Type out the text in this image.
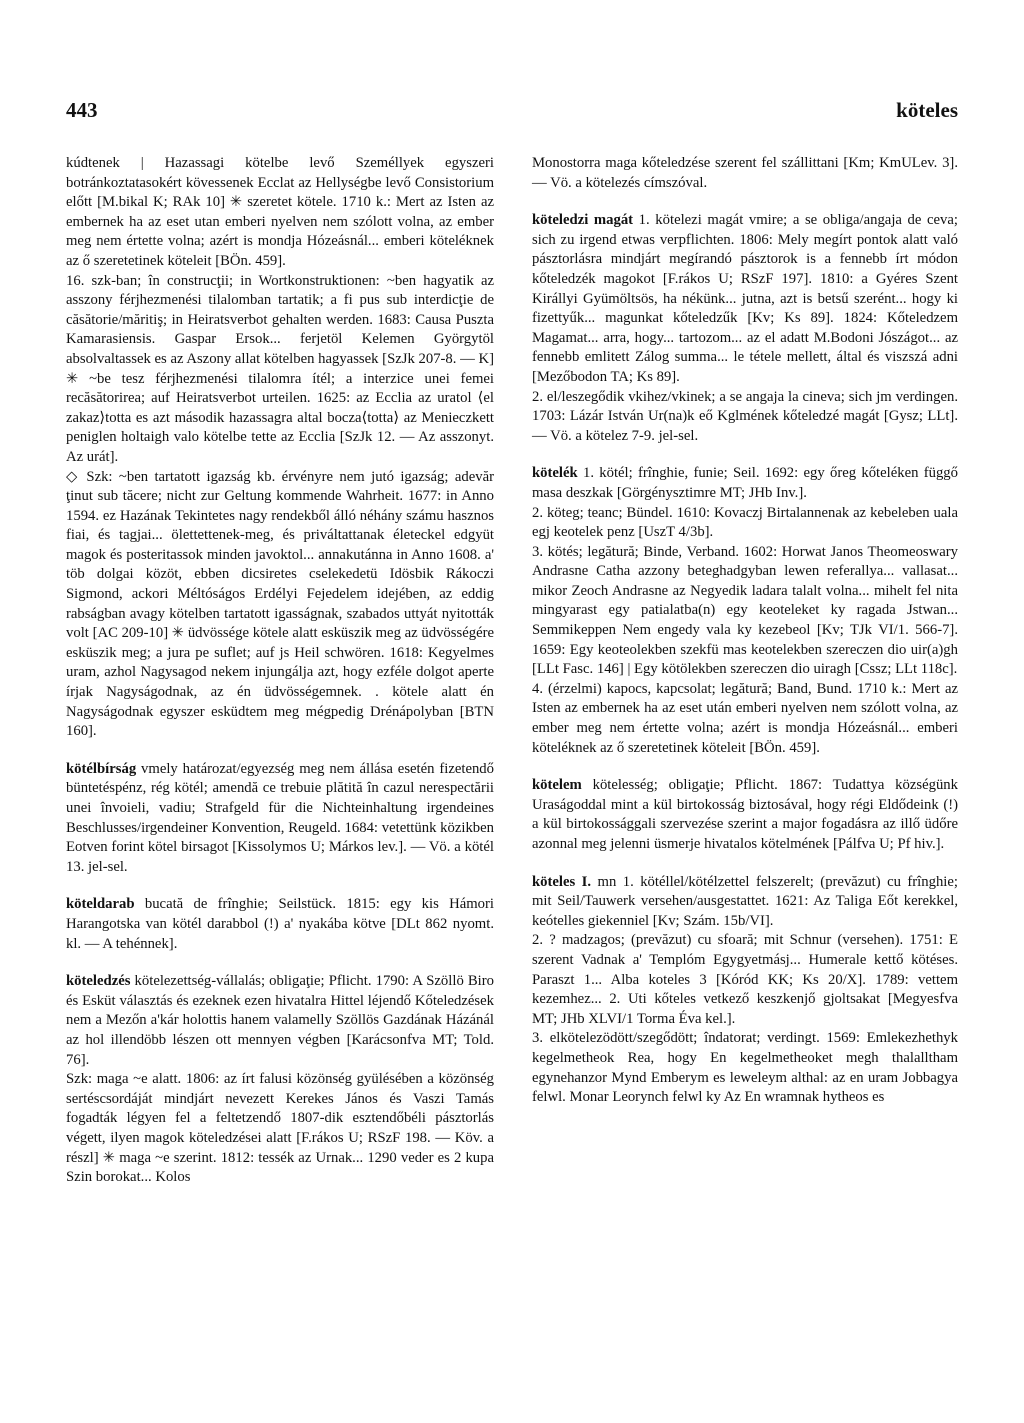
443	köteles

kúdtenek | Hazassagi kötelbe levő Személlyek egyszeri botránkoztatasokért kövessenek Ecclat az Hellységbe levő Consistorium előtt [M.bikal K; RAk 10] ✳ szeretet kötele. 1710 k.: Mert az Isten az embernek ha az eset utan emberi nyelven nem szólott volna, az ember meg nem értette volna; azért is mondja Hózeásnál... emberi köteléknek az ő szeretetinek köteleit [BÖn. 459].

16. szk-ban; în construcţii; in Wortkonstruktionen: ~ben hagyatik az asszony férjhezmenési tilalomban tartatik; a fi pus sub interdicţie de căsătorie/măritiş; in Heiratsverbot gehalten werden. 1683: Causa Puszta Kamarasiensis. Gaspar Ersok... ferjetöl Kelemen Györgytöl absolvaltassek es az Aszony allat kötelben hagyassek [SzJk 207-8. — K] ✳ ~be tesz férjhezmenési tilalomra ítél; a interzice unei femei recăsătorirea; auf Heiratsverbot urteilen. 1625: az Ecclia az uratol ⟨el zakaz⟩totta es azt második hazassagra altal bocza⟨totta⟩ az Menieczkett peniglen holtaigh valo kötelbe tette az Ecclia [SzJk 12. — Az asszonyt. Az urát].

◇ Szk: ~ben tartatott igazság kb. érvényre nem jutó igazság; adevăr ţinut sub tăcere; nicht zur Geltung kommende Wahrheit. 1677: in Anno 1594. ez Hazának Tekintetes nagy rendekből álló néhány számu hasznos fiai, és tagjai... ölettettenek-meg, és priváltattanak életeckel edgyüt magok és posteritassok minden javoktol... annakutánna in Anno 1608. a' töb dolgai közöt, ebben dicsiretes cselekedetü Idösbik Rákoczi Sigmond, ackori Méltóságos Erdélyi Fejedelem idejében, az eddig rabságban avagy kötelben tartatott igasságnak, szabados uttyát nyitották volt [AC 209-10] ✳ üdvössége kötele alatt esküszik meg az üdvösségére esküszik meg; a jura pe suflet; auf js Heil schwören. 1618: Kegyelmes uram, azhol Nagysagod nekem injungálja azt, hogy ezféle dolgot aperte írjak Nagyságodnak, az én üdvösségemnek. . kötele alatt én Nagyságodnak egyszer esküdtem meg mégpedig Drénápolyban [BTN 160].

kötélbírság vmely határozat/egyezség meg nem állása esetén fizetendő büntetéspénz, rég kötél; amendă ce trebuie plătită în cazul nerespectării unei învoieli, vadiu; Strafgeld für die Nichteinhaltung irgendeines Beschlusses/irgendeiner Konvention, Reugeld. 1684: vetettünk közikben Eotven forint kötel birsagot [Kissolymos U; Márkos lev.]. — Vö. a kötél 13. jel-sel.

köteldarab bucată de frînghie; Seilstück. 1815: egy kis Hámori Harangotska van kötél darabbol (!) a' nyakába kötve [DLt 862 nyomt. kl. — A tehénnek].

köteledzés kötelezettség-vállalás; obligaţie; Pflicht. 1790: A Szöllö Biro és Esküt választás és ezeknek ezen hivatalra Hittel léjendő Kőteledzések nem a Mezőn a'kár holottis hanem valamelly Szöllös Gazdának Házánál az hol illendöbb lészen ott mennyen végben [Karácsonfva MT; Told. 76].

Szk: maga ~e alatt. 1806: az írt falusi közönség gyülésében a közönség sertéscsordáját mindjárt nevezett Kerekes János és Vaszi Tamás fogadták légyen fel a feltetzendő 1807-dik esztendőbéli pásztorlás végett, ilyen magok köteledzései alatt [F.rákos U; RSzF 198. — Köv. a részl] ✳ maga ~e szerint. 1812: tessék az Urnak... 1290 veder es 2 kupa Szin borokat... Kolos

Monostorra maga kőteledzése szerent fel szállittani [Km; KmULev. 3]. — Vö. a kötelezés címszóval.

köteledzi magát 1. kötelezi magát vmire; a se obliga/angaja de ceva; sich zu irgend etwas verpflichten. 1806: Mely megírt pontok alatt való pásztorlásra mindjárt megírandó pásztorok is a fennebb írt módon kőteledzék magokot [F.rákos U; RSzF 197]. 1810: a Gyéres Szent Királlyi Gyümöltsös, ha nékünk... jutna, azt is betsű szerént... hogy ki fizettyűk... magunkat kőteledzűk [Kv; Ks 89]. 1824: Kőteledzem Magamat... arra, hogy... tartozom... az el adatt M.Bodoni Jószágot... az fennebb emlitett Zálog summa... le tétele mellett, által és viszszá adni [Mezőbodon TA; Ks 89].

2. el/leszegődik vkihez/vkinek; a se angaja la cineva; sich jm verdingen. 1703: Lázár István Ur(na)k eő Kglmének kőteledzé magát [Gysz; LLt]. — Vö. a kötelez 7-9. jel-sel.

kötelék 1. kötél; frînghie, funie; Seil. 1692: egy őreg kőteléken függő masa deszkak [Görgénysztimre MT; JHb Inv.].

2. köteg; teanc; Bündel. 1610: Kovaczj Birtalannenak az kebeleben uala egj keotelek penz [UszT 4/3b].

3. kötés; legătură; Binde, Verband. 1602: Horwat Janos Theomeoswary Andrasne Catha azzony beteghadgyban lewen referallya... vallasat... mikor Zeoch Andrasne az Negyedik ladara talalt volna... mihelt fel nita mingyarast egy patialatba(n) egy keoteleket ky ragada Jstwan... Semmikeppen Nem engedy vala ky kezebeol [Kv; TJk VI/1. 566-7]. 1659: Egy keoteolekben szekfü mas keotelekben szereczen dio uir(a)gh [LLt Fasc. 146] | Egy kötölekben szereczen dio uiragh [Cssz; LLt 118c].

4. (érzelmi) kapocs, kapcsolat; legătură; Band, Bund. 1710 k.: Mert az Isten az embernek ha az eset után emberi nyelven nem szólott volna, az ember meg nem értette volna; azért is mondja Hózeásnál... emberi köteléknek az ő szeretetinek köteleit [BÖn. 459].

kötelem kötelesség; obligaţie; Pflicht. 1867: Tudattya községünk Uraságoddal mint a kül birtokosság biztosával, hogy régi Eldődeink (!) a kül birtokossággali szervezése szerint a major fogadásra az illő üdőre azonnal meg jelenni üsmerje hivatalos kötelmének [Pálfva U; Pf hiv.].

köteles I. mn 1. kötéllel/kötélzettel felszerelt; (prevăzut) cu frînghie; mit Seil/Tauwerk versehen/ausgestattet. 1621: Az Taliga Eőt kerekkel, keótelles giekenniel [Kv; Szám. 15b/VI].

2. ? madzagos; (prevăzut) cu sfoară; mit Schnur (versehen). 1751: E szerent Vadnak a' Templóm Egygyetmásj... Humerale kettő kötéses. Paraszt 1... Alba koteles 3 [Kóród KK; Ks 20/X]. 1789: vettem kezemhez... 2. Uti kőteles vetkező keszkenjő gjoltsakat [Megyesfva MT; JHb XLVI/1 Torma Éva kel.].

3. elkötelezödött/szegődött; îndatorat; verdingt. 1569: Emlekezhethyk kegelmetheok Rea, hogy En kegelmetheoket megh thalalltham egynehanzor Mynd Emberym es leweleym althal: az en uram Jobbagya felwl. Monar Leorynch felwl ky Az En wramnak hytheos es
